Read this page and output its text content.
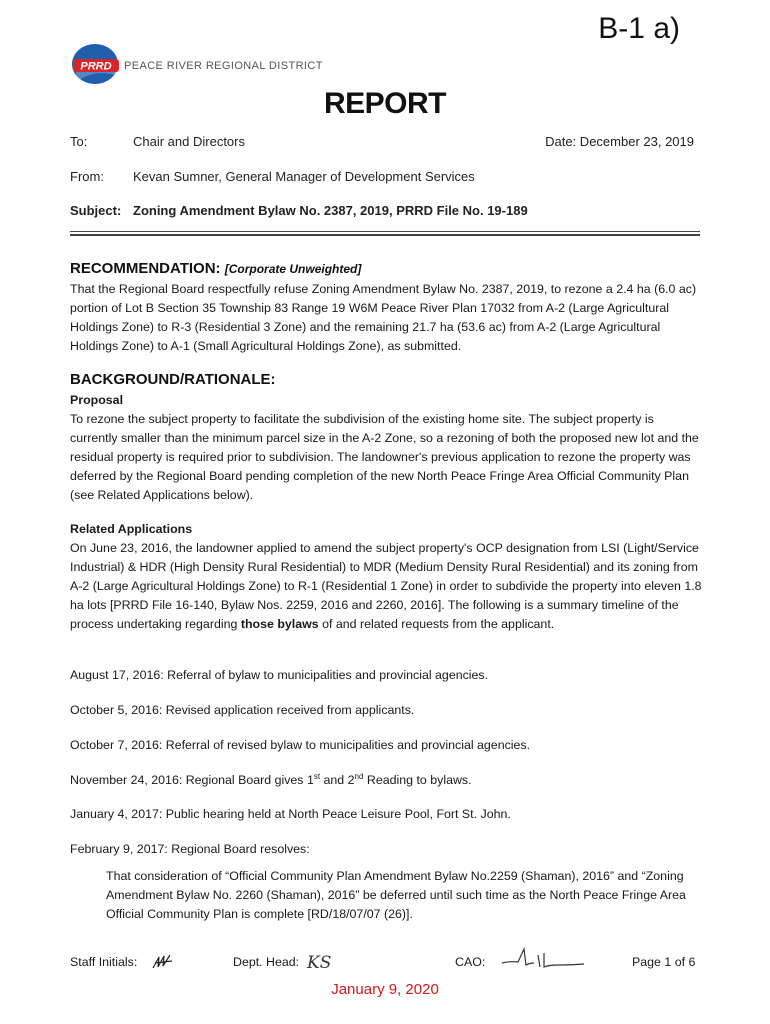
B-1 a)
PRRD PEACE RIVER REGIONAL DISTRICT
REPORT
To:	Chair and Directors	Date: December 23, 2019
From: Kevan Sumner, General Manager of Development Services
Subject: Zoning Amendment Bylaw No. 2387, 2019, PRRD File No. 19-189
RECOMMENDATION: [Corporate Unweighted]
That the Regional Board respectfully refuse Zoning Amendment Bylaw No. 2387, 2019, to rezone a 2.4 ha (6.0 ac) portion of Lot B Section 35 Township 83 Range 19 W6M Peace River Plan 17032 from A-2 (Large Agricultural Holdings Zone) to R-3 (Residential 3 Zone) and the remaining 21.7 ha (53.6 ac) from A-2 (Large Agricultural Holdings Zone) to A-1 (Small Agricultural Holdings Zone), as submitted.
BACKGROUND/RATIONALE:
Proposal
To rezone the subject property to facilitate the subdivision of the existing home site. The subject property is currently smaller than the minimum parcel size in the A-2 Zone, so a rezoning of both the proposed new lot and the residual property is required prior to subdivision. The landowner's previous application to rezone the property was deferred by the Regional Board pending completion of the new North Peace Fringe Area Official Community Plan (see Related Applications below).
Related Applications
On June 23, 2016, the landowner applied to amend the subject property's OCP designation from LSI (Light/Service Industrial) & HDR (High Density Rural Residential) to MDR (Medium Density Rural Residential) and its zoning from A-2 (Large Agricultural Holdings Zone) to R-1 (Residential 1 Zone) in order to subdivide the property into eleven 1.8 ha lots [PRRD File 16-140, Bylaw Nos. 2259, 2016 and 2260, 2016]. The following is a summary timeline of the process undertaking regarding those bylaws of and related requests from the applicant.
August 17, 2016: Referral of bylaw to municipalities and provincial agencies.
October 5, 2016: Revised application received from applicants.
October 7, 2016: Referral of revised bylaw to municipalities and provincial agencies.
November 24, 2016: Regional Board gives 1st and 2nd Reading to bylaws.
January 4, 2017: Public hearing held at North Peace Leisure Pool, Fort St. John.
February 9, 2017: Regional Board resolves:
That consideration of “Official Community Plan Amendment Bylaw No.2259 (Shaman), 2016” and “Zoning Amendment Bylaw No. 2260 (Shaman), 2016” be deferred until such time as the North Peace Fringe Area Official Community Plan is complete [RD/18/07/07 (26)].
Staff Initials:	Dept. Head: KS	CAO:	Page 1 of 6
January 9, 2020
